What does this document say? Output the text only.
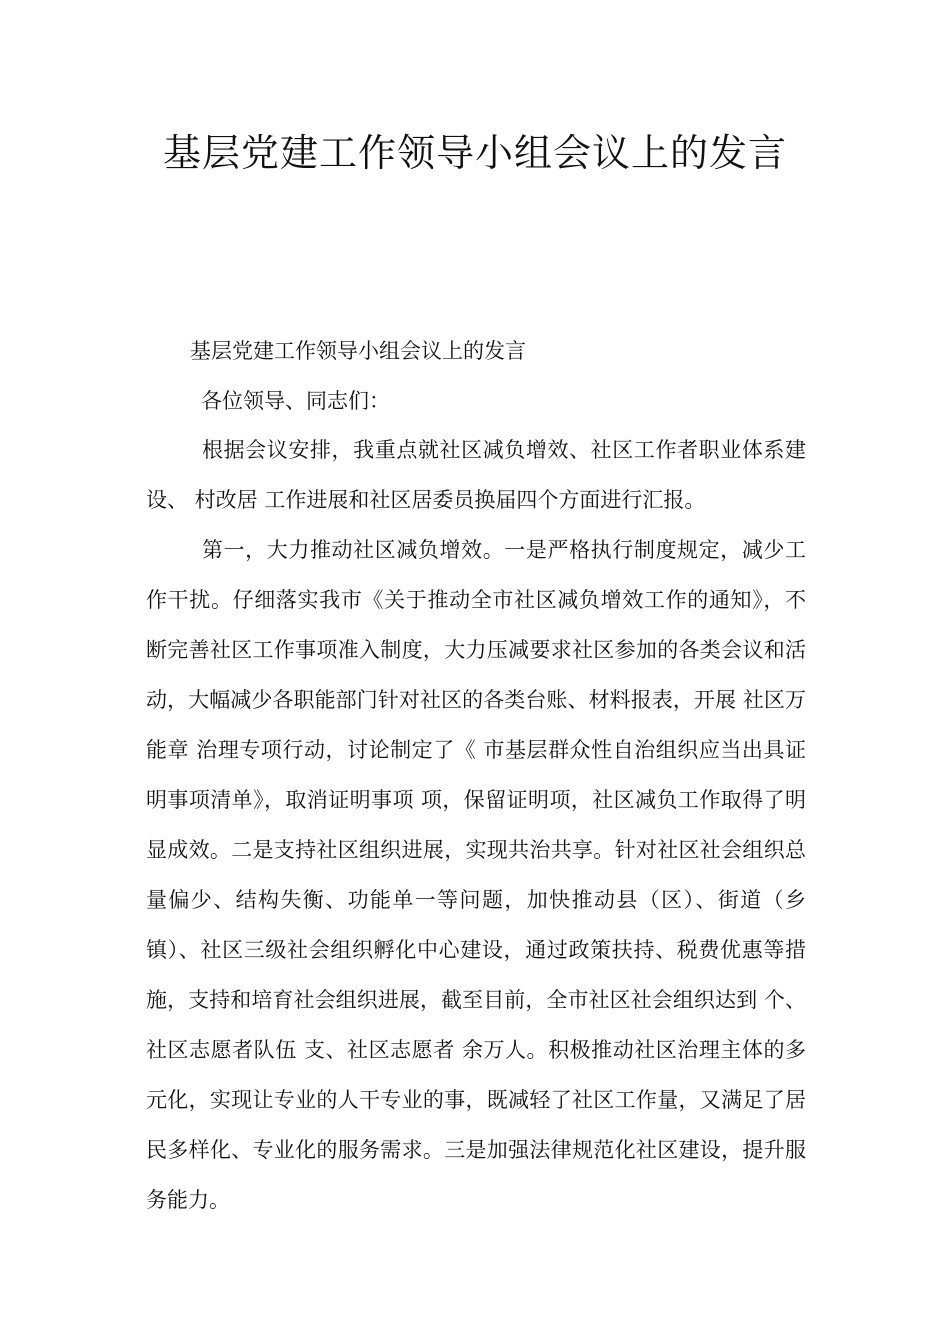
基层党建工作领导小组会议上的发言

基层党建工作领导小组会议上的发言

各位领导、同志们：

根据会议安排，我重点就社区减负增效、社区工作者职业体系建设、 村改居 工作进展和社区居委员换届四个方面进行汇报。

第一，大力推动社区减负增效。一是严格执行制度规定，减少工作干扰。仔细落实我市《关于推动全市社区减负增效工作的通知》，不断完善社区工作事项准入制度，大力压减要求社区参加的各类会议和活动，大幅减少各职能部门针对社区的各类台账、材料报表，开展 社区万能章 治理专项行动，讨论制定了《 市基层群众性自治组织应当出具证明事项清单》，取消证明事项 项，保留证明项，社区减负工作取得了明显成效。二是支持社区组织进展，实现共治共享。针对社区社会组织总量偏少、结构失衡、功能单一等问题，加快推动县（区）、街道（乡镇）、社区三级社会组织孵化中心建设，通过政策扶持、税费优惠等措施，支持和培育社会组织进展，截至目前，全市社区社会组织达到 个、社区志愿者队伍 支、社区志愿者 余万人。积极推动社区治理主体的多元化，实现让专业的人干专业的事，既减轻了社区工作量，又满足了居民多样化、专业化的服务需求。三是加强法律规范化社区建设，提升服务能力。
